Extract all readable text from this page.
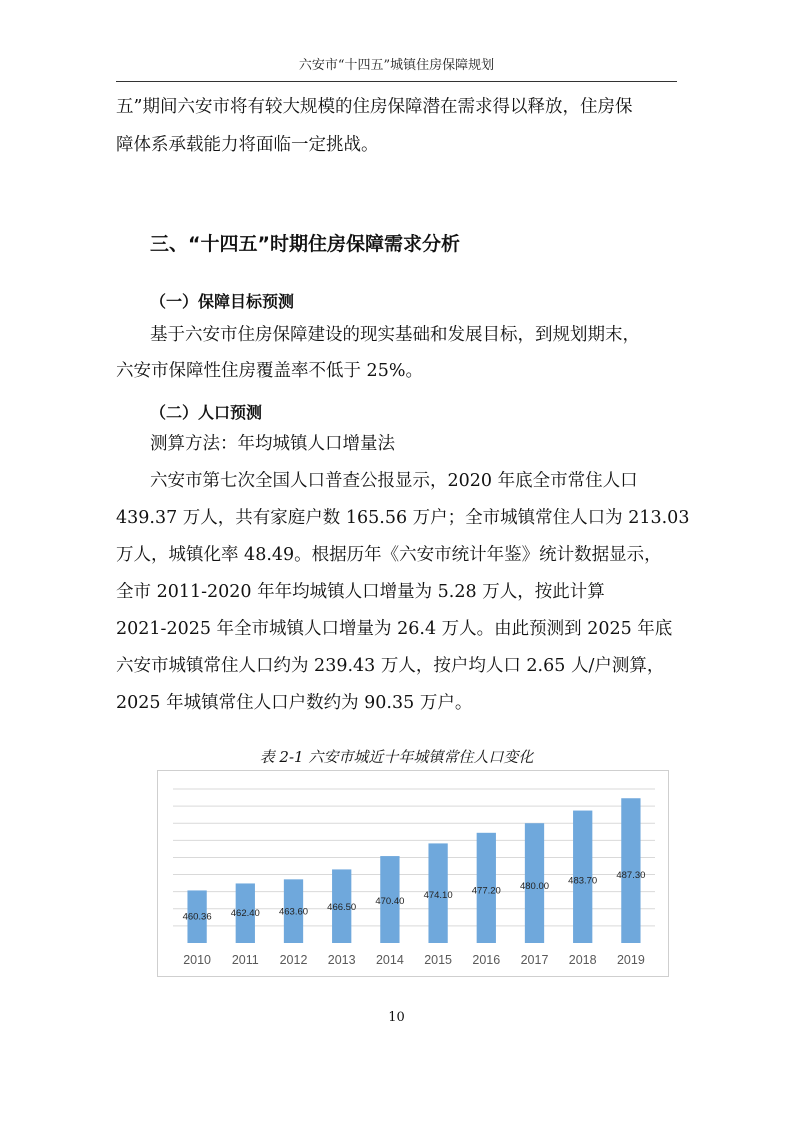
六安市“十四五”城镇住房保障规划

五”期间六安市将有较大规模的住房保障潜在需求得以释放，住房保

障体系承载能力将面临一定挑战。

三、“十四五”时期住房保障需求分析
（一）保障目标预测

基于六安市住房保障建设的现实基础和发展目标，到规划期末，

六安市保障性住房覆盖率不低于 25%。

（二）人口预测

测算方法：年均城镇人口增量法

六安市第七次全国人口普查公报显示，2020 年底全市常住人口

439.37 万人，共有家庭户数 165.56 万户；全市城镇常住人口为 213.03

万人，城镇化率 48.49。根据历年《六安市统计年鉴》统计数据显示，

全市 2011-2020 年年均城镇人口增量为 5.28 万人，按此计算

2021-2025 年全市城镇人口增量为 26.4 万人。由此预测到 2025 年底

六安市城镇常住人口约为 239.43 万人，按户均人口 2.65 人/户测算，

2025 年城镇常住人口户数约为 90.35 万户。

表 2-1 六安市城近十年城镇常住人口变化
460.36
2010
462.40
2011
463.60
2012
466.50
2013
470.40
2014
474.10
2015
477.20
2016
480.00
2017
483.70
2018
487.30
2019
10
